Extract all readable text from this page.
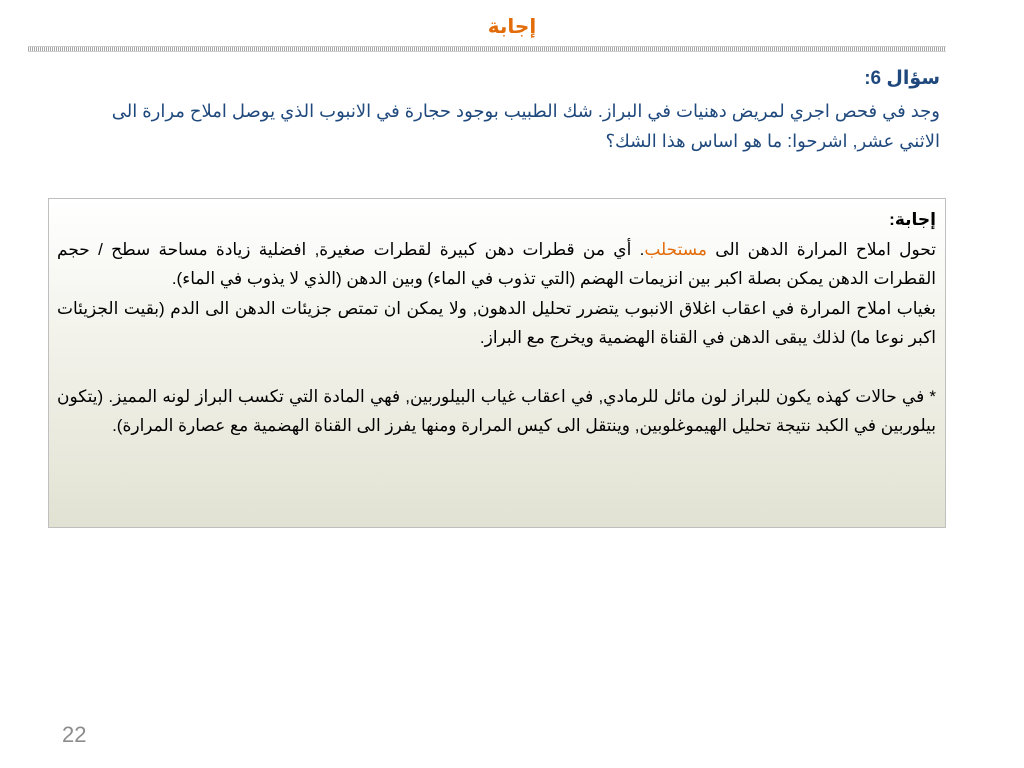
إجابة
سؤال 6:
وجد في فحص اجري لمريض دهنيات في البراز. شك الطبيب بوجود حجارة في الانبوب الذي يوصل املاح مرارة الى الاثني عشر, اشرحوا: ما هو اساس هذا الشك؟

إجابة:

تحول املاح المرارة الدهن الى مستحلب. أي من قطرات دهن كبيرة لقطرات صغيرة, افضلية زيادة مساحة سطح / حجم القطرات الدهن يمكن بصلة اكبر بين انزيمات الهضم (التي تذوب في الماء) وبين الدهن (الذي لا يذوب في الماء).

بغياب املاح المرارة في اعقاب اغلاق الانبوب يتضرر تحليل الدهون, ولا يمكن ان تمتص جزيئات الدهن الى الدم (بقيت الجزيئات اكبر نوعا ما) لذلك يبقى الدهن في القناة الهضمية ويخرج مع البراز.

* في حالات كهذه يكون للبراز لون مائل للرمادي, في اعقاب غياب البيلوربين, فهي المادة التي تكسب البراز لونه المميز. (يتكون بيلوربين في الكبد نتيجة تحليل الهيموغلوبين, وينتقل الى كيس المرارة ومنها يفرز الى القناة الهضمية مع عصارة المرارة).

22
